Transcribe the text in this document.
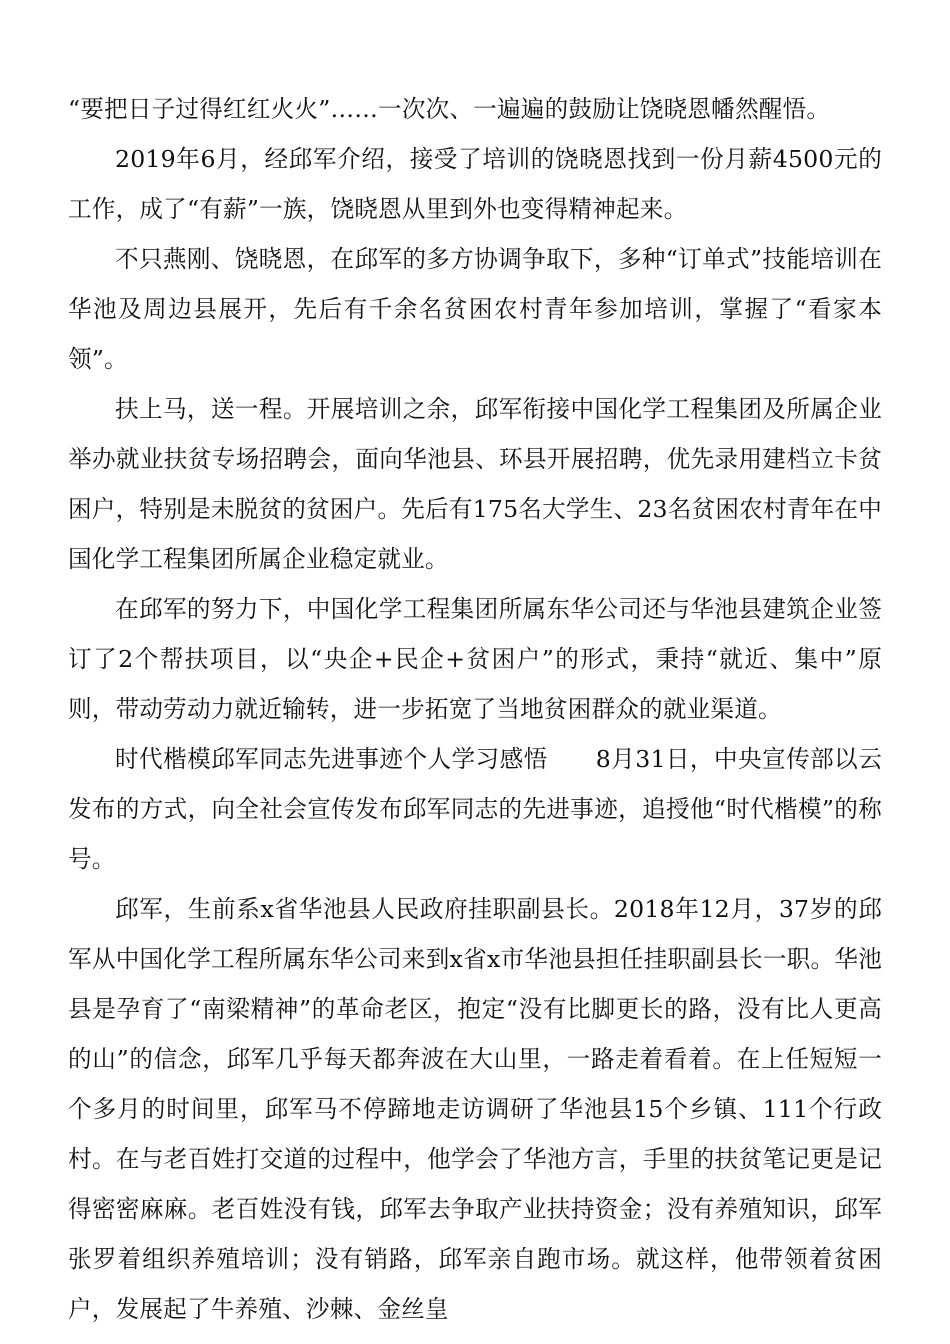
“要把日子过得红红火火”……一次次、一遍遍的鼓励让饶晓恩幡然醒悟。

2019年6月，经邱军介绍，接受了培训的饶晓恩找到一份月薪4500元的工作，成了“有薪”一族，饶晓恩从里到外也变得精神起来。

不只燕刚、饶晓恩，在邱军的多方协调争取下，多种“订单式”技能培训在华池及周边县展开，先后有千余名贫困农村青年参加培训，掌握了“看家本领”。

扶上马，送一程。开展培训之余，邱军衔接中国化学工程集团及所属企业举办就业扶贫专场招聘会，面向华池县、环县开展招聘，优先录用建档立卡贫困户，特别是未脱贫的贫困户。先后有175名大学生、23名贫困农村青年在中国化学工程集团所属企业稳定就业。

在邱军的努力下，中国化学工程集团所属东华公司还与华池县建筑企业签订了2个帮扶项目，以“央企+民企+贫困户”的形式，秉持“就近、集中”原则，带动劳动力就近输转，进一步拓宽了当地贫困群众的就业渠道。

时代楷模邱军同志先进事迹个人学习感悟　　8月31日，中央宣传部以云发布的方式，向全社会宣传发布邱军同志的先进事迹，追授他“时代楷模”的称号。

邱军，生前系x省华池县人民政府挂职副县长。2018年12月，37岁的邱军从中国化学工程所属东华公司来到x省x市华池县担任挂职副县长一职。华池县是孕育了“南梁精神”的革命老区，抱定“没有比脚更长的路，没有比人更高的山”的信念，邱军几乎每天都奔波在大山里，一路走着看着。在上任短短一个多月的时间里，邱军马不停蹄地走访调研了华池县15个乡镇、111个行政村。在与老百姓打交道的过程中，他学会了华池方言，手里的扶贫笔记更是记得密密麻麻。老百姓没有钱，邱军去争取产业扶持资金；没有养殖知识，邱军张罗着组织养殖培训；没有销路，邱军亲自跑市场。就这样，他带领着贫困户，发展起了牛养殖、沙棘、金丝皇
